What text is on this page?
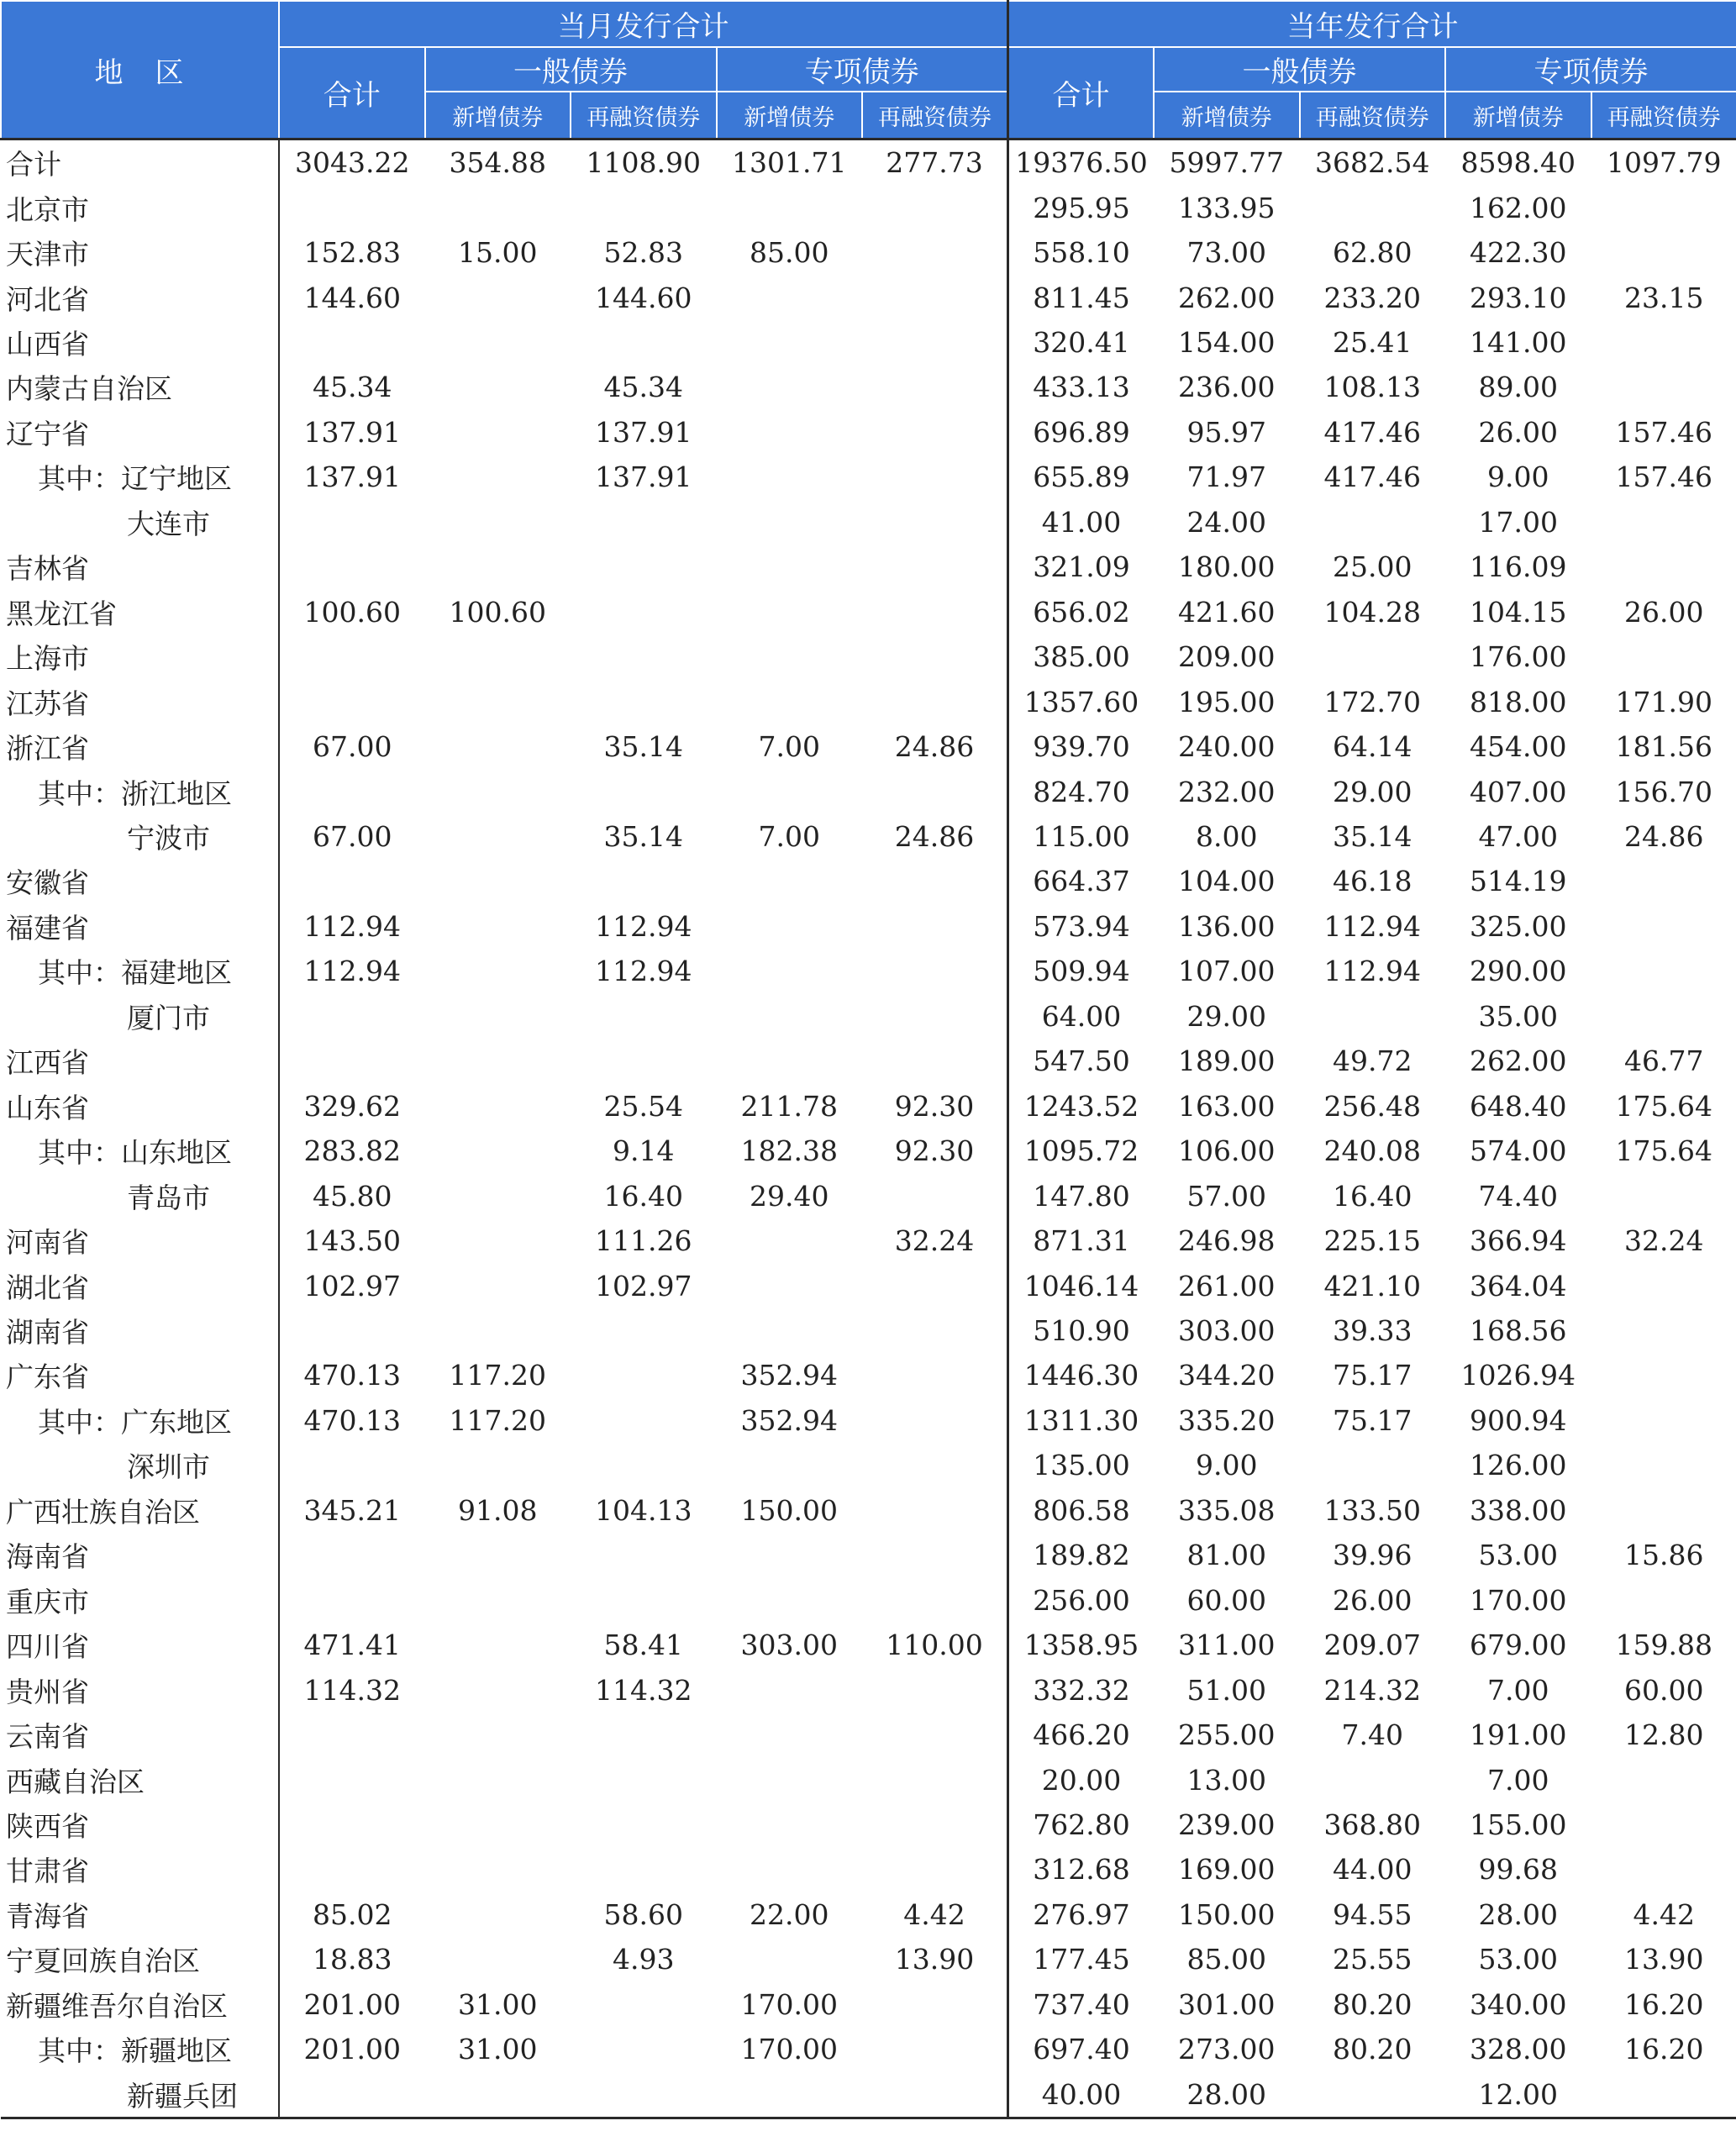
地　区	当月发行合计					当年发行合计				
	合计	一般债券		专项债券		合计	一般债券		专项债券	
		新增债券	再融资债券	新增债券	再融资债券		新增债券	再融资债券	新增债券	再融资债券
合计	3043.22	354.88	1108.90	1301.71	277.73	19376.50	5997.77	3682.54	8598.40	1097.79
北京市						295.95	133.95		162.00	
天津市	152.83	15.00	52.83	85.00		558.10	73.00	62.80	422.30	
河北省	144.60		144.60			811.45	262.00	233.20	293.10	23.15
山西省						320.41	154.00	25.41	141.00	
内蒙古自治区	45.34		45.34			433.13	236.00	108.13	89.00	
辽宁省	137.91		137.91			696.89	95.97	417.46	26.00	157.46
其中：辽宁地区	137.91		137.91			655.89	71.97	417.46	9.00	157.46
大连市						41.00	24.00		17.00	
吉林省						321.09	180.00	25.00	116.09	
黑龙江省	100.60	100.60				656.02	421.60	104.28	104.15	26.00
上海市						385.00	209.00		176.00	
江苏省						1357.60	195.00	172.70	818.00	171.90
浙江省	67.00		35.14	7.00	24.86	939.70	240.00	64.14	454.00	181.56
其中：浙江地区						824.70	232.00	29.00	407.00	156.70
宁波市	67.00		35.14	7.00	24.86	115.00	8.00	35.14	47.00	24.86
安徽省						664.37	104.00	46.18	514.19	
福建省	112.94		112.94			573.94	136.00	112.94	325.00	
其中：福建地区	112.94		112.94			509.94	107.00	112.94	290.00	
厦门市						64.00	29.00		35.00	
江西省						547.50	189.00	49.72	262.00	46.77
山东省	329.62		25.54	211.78	92.30	1243.52	163.00	256.48	648.40	175.64
其中：山东地区	283.82		9.14	182.38	92.30	1095.72	106.00	240.08	574.00	175.64
青岛市	45.80		16.40	29.40		147.80	57.00	16.40	74.40	
河南省	143.50		111.26		32.24	871.31	246.98	225.15	366.94	32.24
湖北省	102.97		102.97			1046.14	261.00	421.10	364.04	
湖南省						510.90	303.00	39.33	168.56	
广东省	470.13	117.20		352.94		1446.30	344.20	75.17	1026.94	
其中：广东地区	470.13	117.20		352.94		1311.30	335.20	75.17	900.94	
深圳市						135.00	9.00		126.00	
广西壮族自治区	345.21	91.08	104.13	150.00		806.58	335.08	133.50	338.00	
海南省						189.82	81.00	39.96	53.00	15.86
重庆市						256.00	60.00	26.00	170.00	
四川省	471.41		58.41	303.00	110.00	1358.95	311.00	209.07	679.00	159.88
贵州省	114.32		114.32			332.32	51.00	214.32	7.00	60.00
云南省						466.20	255.00	7.40	191.00	12.80
西藏自治区						20.00	13.00		7.00	
陕西省						762.80	239.00	368.80	155.00	
甘肃省						312.68	169.00	44.00	99.68	
青海省	85.02		58.60	22.00	4.42	276.97	150.00	94.55	28.00	4.42
宁夏回族自治区	18.83		4.93		13.90	177.45	85.00	25.55	53.00	13.90
新疆维吾尔自治区	201.00	31.00		170.00		737.40	301.00	80.20	340.00	16.20
其中：新疆地区	201.00	31.00		170.00		697.40	273.00	80.20	328.00	16.20
新疆兵团						40.00	28.00		12.00	
